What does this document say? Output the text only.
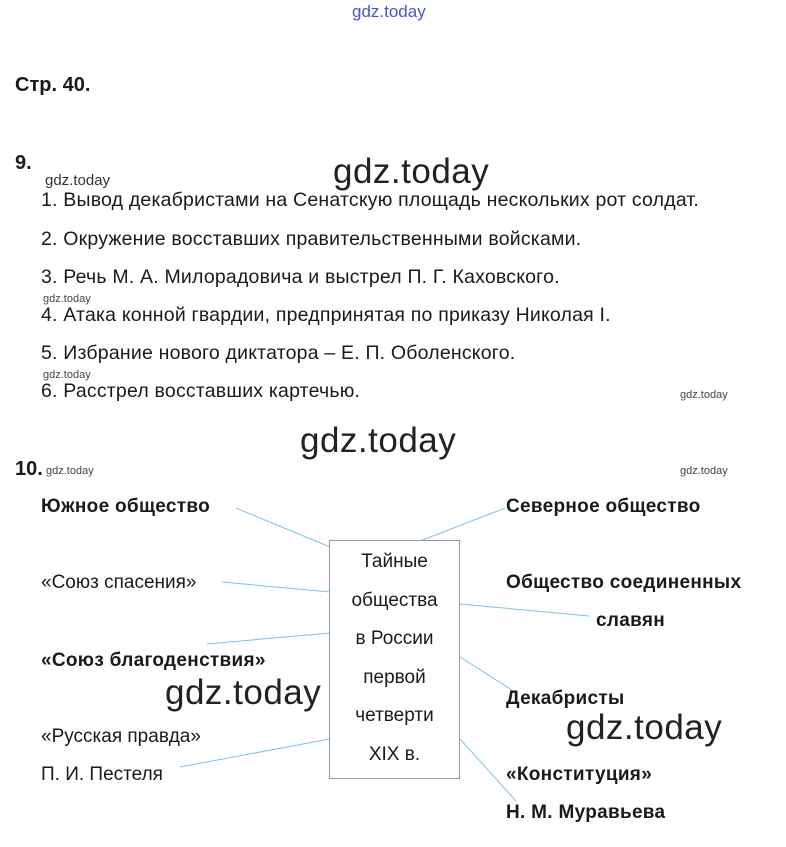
gdz.today
gdz.today
gdz.today
gdz.today
gdz.today
gdz.today
gdz.today
gdz.today	gdz.today
gdz.today
gdz.today
Стр. 40.
9.
1. Вывод декабристами на Сенатскую площадь нескольких рот солдат.
2. Окружение восставших правительственными войсками.
3. Речь М. А. Милорадовича и выстрел П. Г. Каховского.
4. Атака конной гвардии, предпринятая по приказу Николая I.
5. Избрание нового диктатора – Е. П. Оболенского.
6. Расстрел восставших картечью.
10.
Тайные
общества
в России
первой
четверти
XIX в.
Южное общество
«Союз спасения»
«Союз благоденствия»
«Русская правда»
П. И. Пестеля
Северное общество
Общество соединенных
славян
Декабристы
«Конституция»
Н. М. Муравьева
